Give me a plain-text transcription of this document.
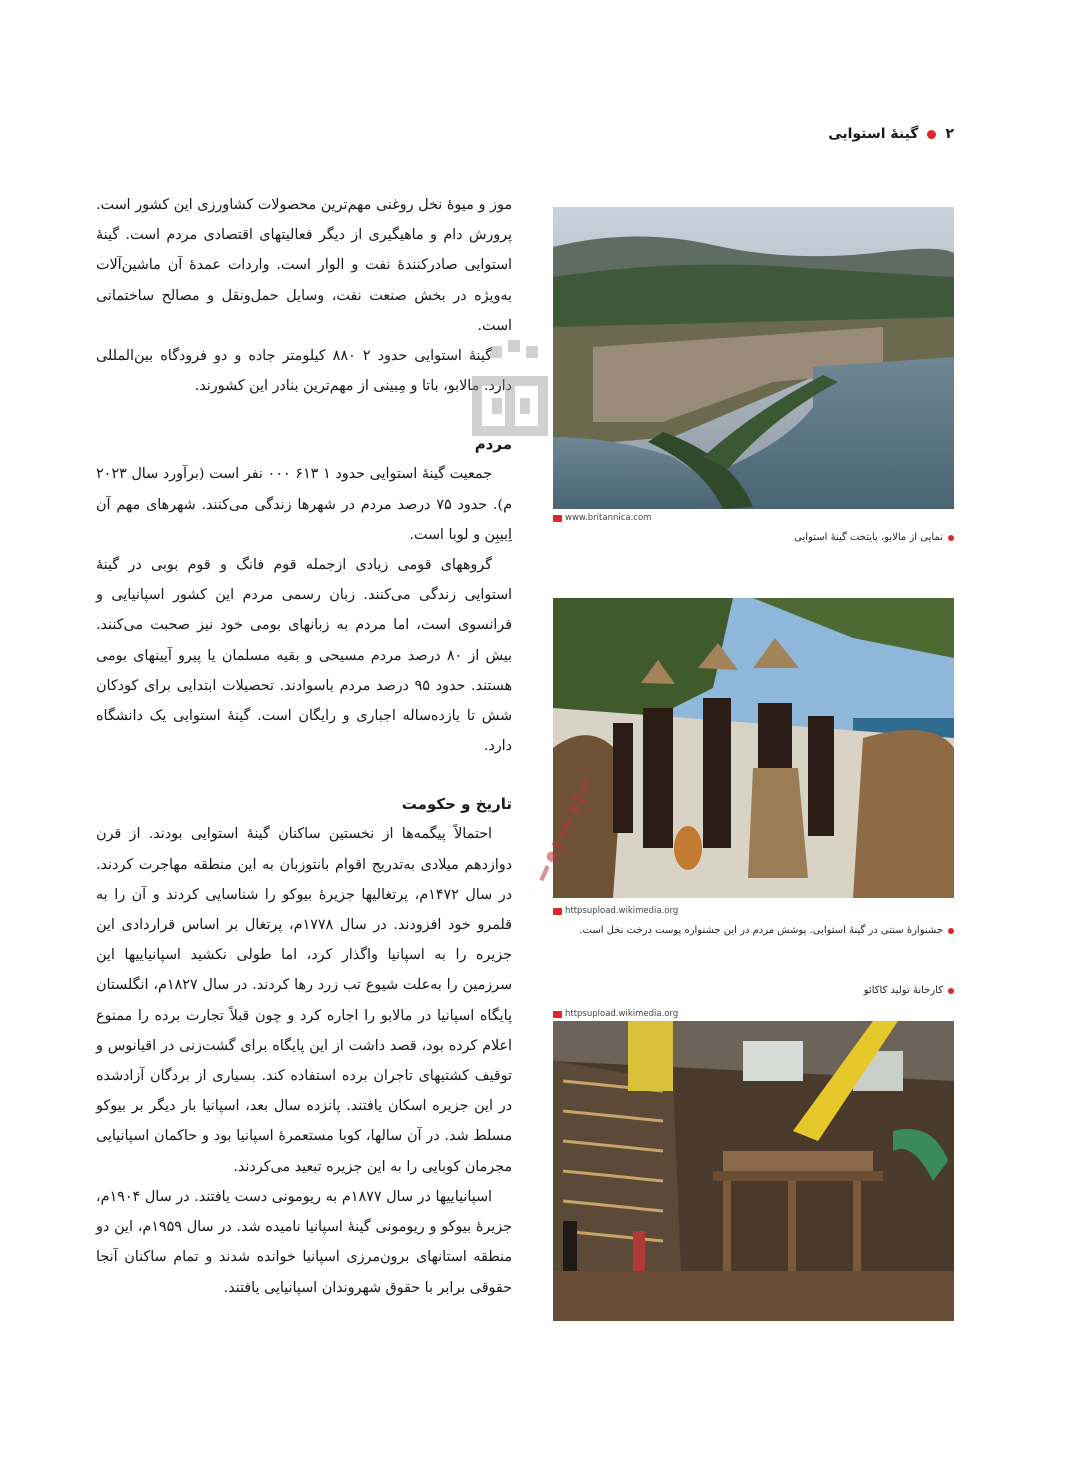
۲
گینهٔ استوایی

موز و میوهٔ نخل روغنی مهم‌ترین محصولات کشاورزی این کشور است. پرورش دام و ماهیگیری از دیگر فعالیتهای اقتصادی مردم است. گینهٔ استوایی صادرکنندهٔ نفت و الوار است. واردات عمدهٔ آن ماشین‌آلات به‌ویژه در بخش صنعت نفت، وسایل حمل‌ونقل و مصالح ساختمانی است.

گینهٔ استوایی حدود ۲ ۸۸۰ کیلومتر جاده و دو فرودگاه بین‌المللی دارد. مالابو، باتا و مِبینی از مهم‌ترین بنادر این کشورند.

مردم

جمعیت گینهٔ استوایی حدود ۱ ۶۱۳ ۰۰۰ نفر است (برآورد سال ۲۰۲۳ م). حدود ۷۵ درصد مردم در شهرها زندگی می‌کنند. شهرهای مهم آن اِبیبِن و لوبا است.

گروههای قومی زیادی ازجمله قوم فانگ و قوم بوبی در گینهٔ استوایی زندگی می‌کنند. زبان رسمی مردم این کشور اسپانیایی و فرانسوی است، اما مردم به زبانهای بومی خود نیز صحبت می‌کنند. بیش از ۸۰ درصد مردم مسیحی و بقیه مسلمان یا پیرو آیینهای بومی هستند. حدود ۹۵ درصد مردم باسوادند. تحصیلات ابتدایی برای کودکان شش تا یازده‌ساله اجباری و رایگان است. گینهٔ استوایی یک دانشگاه دارد.

تاریخ و حکومت

احتمالاً پیگمه‌ها از نخستین ساکنان گینهٔ استوایی بودند. از قرن دوازدهم میلادی به‌تدریج اقوام بانتوزبان به این منطقه مهاجرت کردند. در سال ۱۴۷۲م، پرتغالیها جزیرهٔ بیوکو را شناسایی کردند و آن را به قلمرو خود افزودند. در سال ۱۷۷۸م، پرتغال بر اساس قراردادی این جزیره را به اسپانیا واگذار کرد، اما طولی نکشید اسپانیاییها این سرزمین را به‌علت شیوع تب زرد رها کردند. در سال ۱۸۲۷م، انگلستان پایگاه اسپانیا در مالابو را اجاره کرد و چون قبلاً تجارت برده را ممنوع اعلام کرده بود، قصد داشت از این پایگاه برای گشت‌زنی در اقیانوس و توقیف کشتیهای تاجران برده استفاده کند. بسیاری از بردگان آزادشده در این جزیره اسکان یافتند. پانزده سال بعد، اسپانیا بار دیگر بر بیوکو مسلط شد. در آن سالها، کوبا مستعمرهٔ اسپانیا بود و حاکمان اسپانیایی مجرمان کوبایی را به این جزیره تبعید می‌کردند.

اسپانیاییها در سال ۱۸۷۷م به ریومونی دست یافتند. در سال ۱۹۰۴م، جزیرهٔ بیوکو و ریومونی گینهٔ اسپانیا نامیده شد. در سال ۱۹۵۹م، این دو منطقه استانهای برون‌مرزی اسپانیا خوانده شدند و تمام ساکنان آنجا حقوقی برابر با حقوق شهروندان اسپانیایی یافتند.

www.britannica.com
نمایی از مالابو، پایتخت گینهٔ استوایی
httpsupload.wikimedia.org
جشنوارهٔ سنتی در گینهٔ استوایی. پوشش مردم در این جشنواره پوست درخت نخل است.
کارخانهٔ تولید کاکائو
httpsupload.wikimedia.org
